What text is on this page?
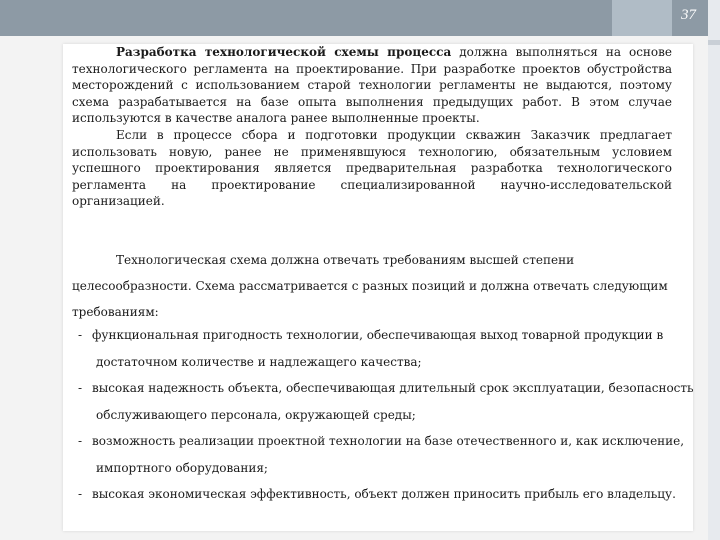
37

Разработка технологической схемы процесса должна выполняться на основе технологического регламента на проектирование. При разработке проектов обустройства месторождений с использованием старой технологии регламенты не выдаются, поэтому схема разрабатывается на базе опыта выполнения предыдущих работ. В этом случае используются в качестве аналога ранее выполненные проекты.

Если в процессе сбора и подготовки продукции скважин Заказчик предлагает использовать новую, ранее не применявшуюся технологию, обязательным условием успешного проектирования является предварительная разработка технологического регламента на проектирование специализированной научно-исследовательской организацией.

Технологическая схема должна отвечать требованиям высшей степени целесообразности. Схема рассматривается с разных позиций и должна отвечать следующим требованиям:

- функциональная пригодность технологии, обеспечивающая выход товарной продукции в достаточном количестве и надлежащего качества;
- высокая надежность объекта, обеспечивающая длительный срок эксплуатации, безопасность обслуживающего персонала, окружающей среды;
- возможность реализации проектной технологии на базе отечественного и, как исключение, импортного оборудования;
- высокая экономическая эффективность, объект должен приносить прибыль его владельцу.
